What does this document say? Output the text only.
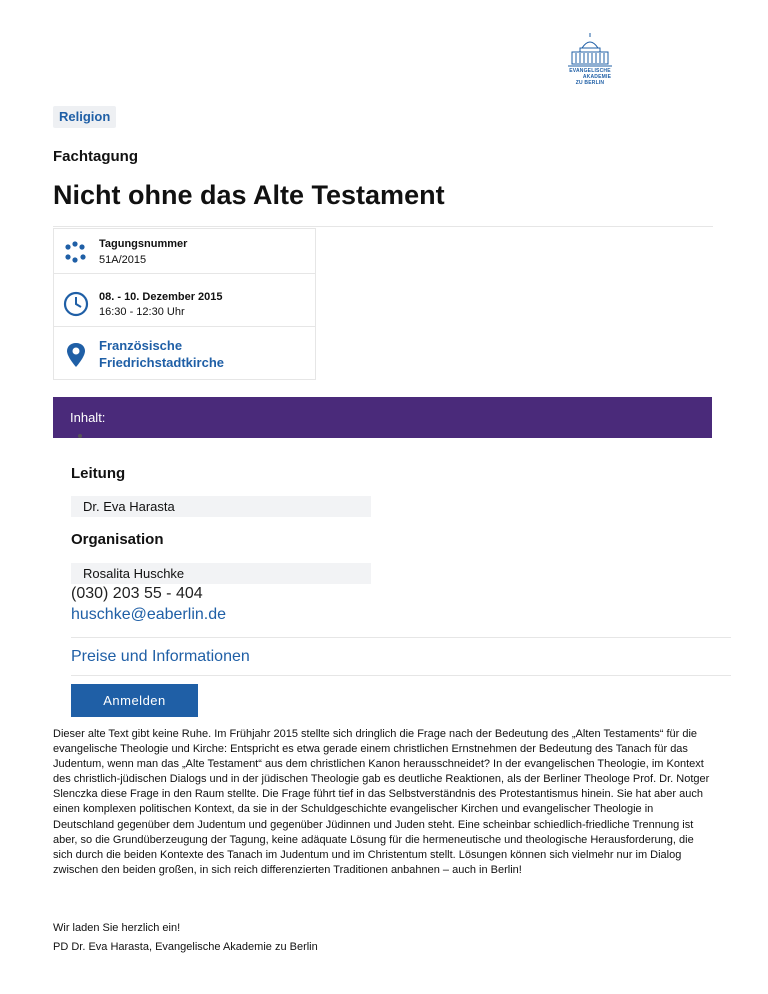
EVANGELISCHE
AKADEMIE
ZU BERLIN
Religion
Fachtagung
Nicht ohne das Alte Testament
Tagungsnummer
51A/2015
08. - 10. Dezember 2015
16:30 - 12:30 Uhr
Französische Friedrichstadtkirche
Inhalt:
Leitung
Dr. Eva Harasta
Organisation
Rosalita Huschke
(030) 203 55 - 404
huschke@eaberlin.de
Preise und Informationen
Anmelden

Dieser alte Text gibt keine Ruhe. Im Frühjahr 2015 stellte sich dringlich die Frage nach der Bedeutung des „Alten Testaments“ für die evangelische Theologie und Kirche: Entspricht es etwa gerade einem christlichen Ernstnehmen der Bedeutung des Tanach für das Judentum, wenn man das „Alte Testament“ aus dem christlichen Kanon herausschneidet? In der evangelischen Theologie, im Kontext des christlich-jüdischen Dialogs und in der jüdischen Theologie gab es deutliche Reaktionen, als der Berliner Theologe Prof. Dr. Notger Slenczka diese Frage in den Raum stellte. Die Frage führt tief in das Selbstverständnis des Protestantismus hinein. Sie hat aber auch einen komplexen politischen Kontext, da sie in der Schuldgeschichte evangelischer Kirchen und evangelischer Theologie in Deutschland gegenüber dem Judentum und gegenüber Jüdinnen und Juden steht. Eine scheinbar schiedlich-friedliche Trennung ist aber, so die Grundüberzeugung der Tagung, keine adäquate Lösung für die hermeneutische und theologische Herausforderung, die sich durch die beiden Kontexte des Tanach im Judentum und im Christentum stellt. Lösungen können sich vielmehr nur im Dialog zwischen den beiden großen, in sich reich differenzierten Traditionen anbahnen – auch in Berlin!

Wir laden Sie herzlich ein!

PD Dr. Eva Harasta, Evangelische Akademie zu Berlin
